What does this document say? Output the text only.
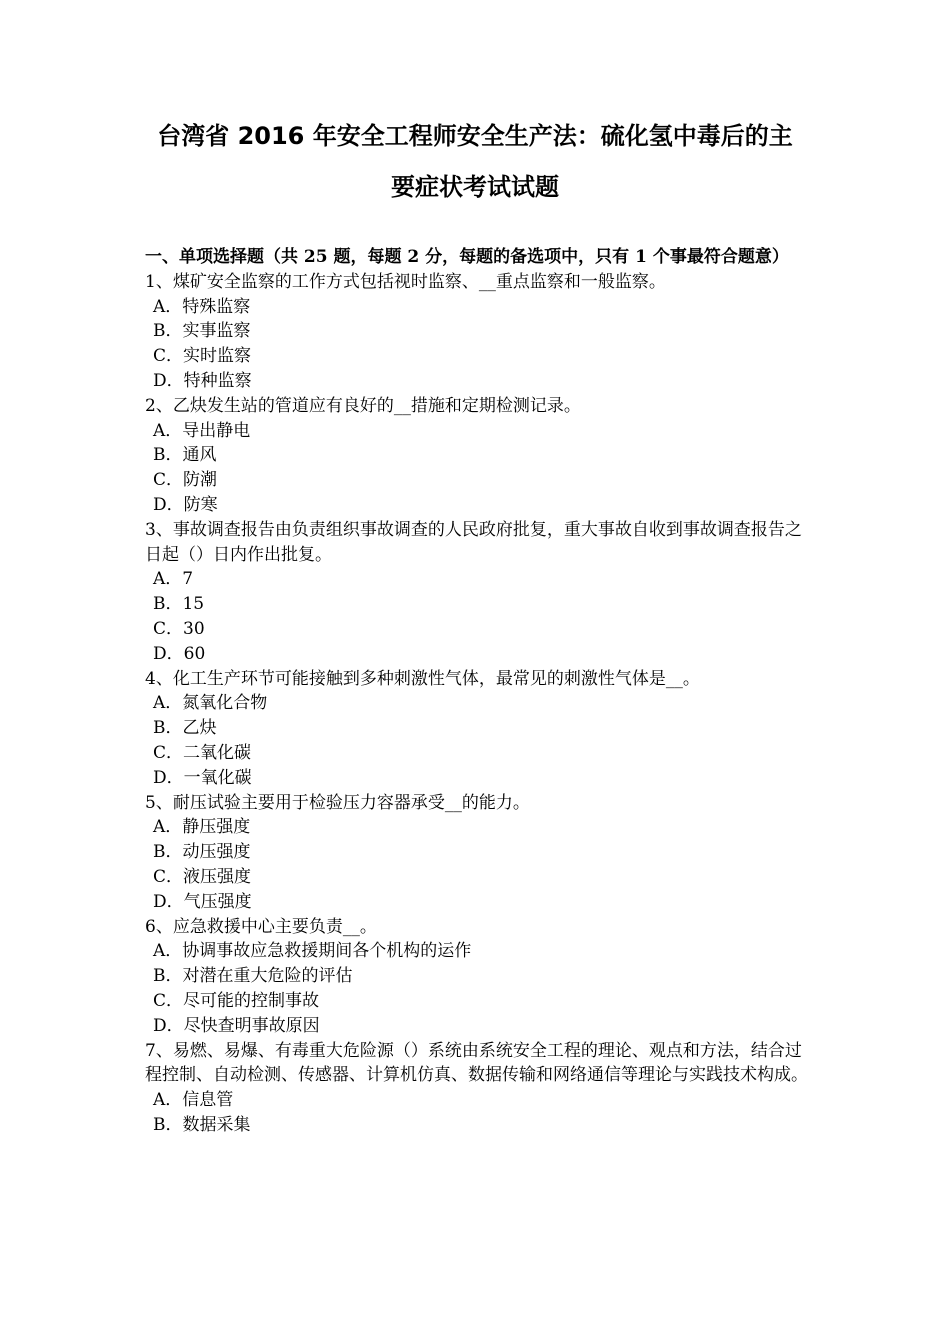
台湾省 2016 年安全工程师安全生产法：硫化氢中毒后的主
要症状考试试题

一、单项选择题（共 25 题，每题 2 分，每题的备选项中，只有 1 个事最符合题意）

1、煤矿安全监察的工作方式包括视时监察、__重点监察和一般监察。

A．特殊监察

B．实事监察

C．实时监察

D．特种监察

2、乙炔发生站的管道应有良好的__措施和定期检测记录。

A．导出静电

B．通风

C．防潮

D．防寒

3、事故调查报告由负责组织事故调查的人民政府批复，重大事故自收到事故调查报告之日起（）日内作出批复。

A．7

B．15

C．30

D．60

4、化工生产环节可能接触到多种刺激性气体，最常见的刺激性气体是__。

A．氮氧化合物

B．乙炔

C．二氧化碳

D．一氧化碳

5、耐压试验主要用于检验压力容器承受__的能力。

A．静压强度

B．动压强度

C．液压强度

D．气压强度

6、应急救援中心主要负责__。

A．协调事故应急救援期间各个机构的运作

B．对潜在重大危险的评估

C．尽可能的控制事故

D．尽快查明事故原因

7、易燃、易爆、有毒重大危险源（）系统由系统安全工程的理论、观点和方法，结合过程控制、自动检测、传感器、计算机仿真、数据传输和网络通信等理论与实践技术构成。

A．信息管

B．数据采集
